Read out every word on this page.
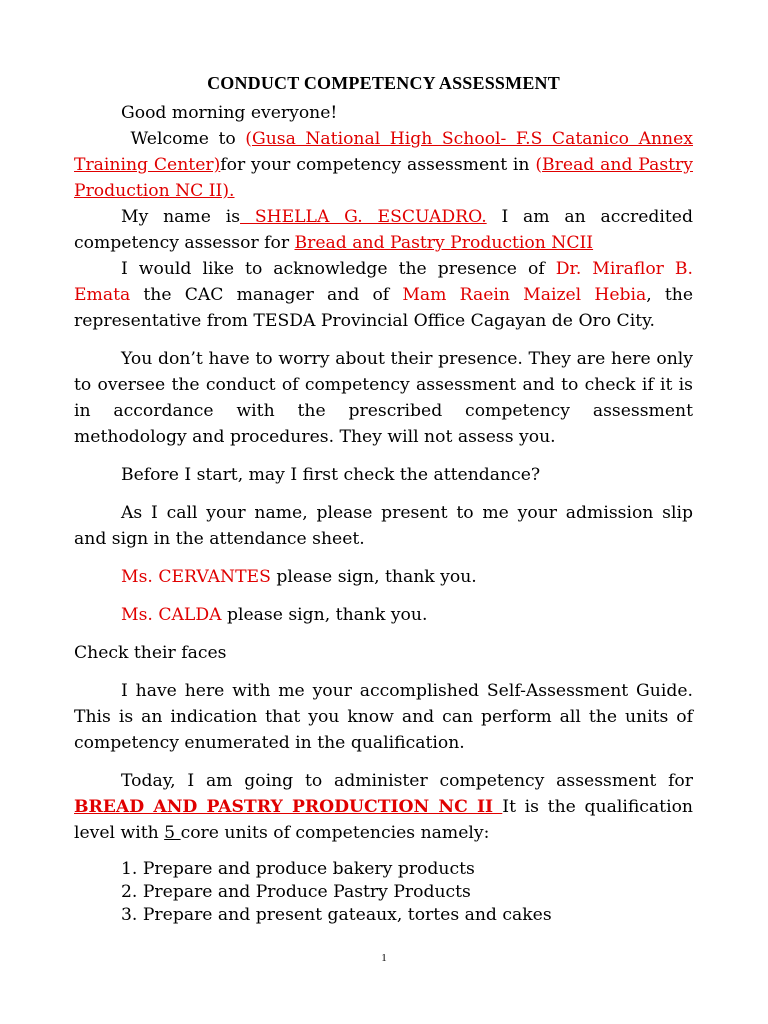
CONDUCT COMPETENCY ASSESSMENT

Good morning everyone!

Welcome to (Gusa National High School- F.S Catanico Annex Training Center)for your competency assessment in (Bread and Pastry Production NC II).

My name is SHELLA G. ESCUADRO. I am an accredited competency assessor for Bread and Pastry Production NCII

I would like to acknowledge the presence of Dr. Miraflor B. Emata the CAC manager and of Mam Raein Maizel Hebia, the representative from TESDA Provincial Office Cagayan de Oro City.

You don’t have to worry about their presence. They are here only to oversee the conduct of competency assessment and to check if it is in accordance with the prescribed competency assessment methodology and procedures. They will not assess you.

Before I start, may I first check the attendance?

As I call your name, please present to me your admission slip and sign in the attendance sheet.

Ms. CERVANTES please sign, thank you.

Ms. CALDA please sign, thank you.

Check their faces

I have here with me your accomplished Self-Assessment Guide. This is an indication that you know and can perform all the units of competency enumerated in the qualification.

Today, I am going to administer competency assessment for BREAD AND PASTRY PRODUCTION NC II It is the qualification level with 5 core units of competencies namely:

1. Prepare and produce bakery products
2. Prepare and Produce Pastry Products
3. Prepare and present gateaux, tortes and cakes
1
